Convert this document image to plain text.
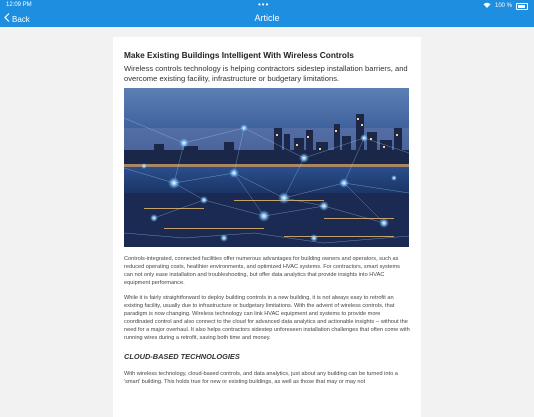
12:09 PM	•••	100 %
Back	Article
Make Existing Buildings Intelligent With Wireless Controls

Wireless controls technology is helping contractors sidestep installation barriers, and overcome existing facility, infrastructure or budgetary limitations.

Controls-integrated, connected facilities offer numerous advantages for building owners and operators, such as reduced operating costs, healthier environments, and optimized HVAC systems. For contractors, smart systems can not only ease installation and troubleshooting, but offer data analytics that provide insights into HVAC equipment performance.

While it is fairly straightforward to deploy building controls in a new building, it is not always easy to retrofit an existing facility, usually due to infrastructure or budgetary limitations. With the advent of wireless controls, that paradigm is now changing. Wireless technology can link HVAC equipment and systems to provide more coordinated control and also connect to the cloud for advanced data analytics and actionable insights -- without the need for a major overhaul. It also helps contractors sidestep unforeseen installation challenges that often come with running wires during a retrofit, saving both time and money.

CLOUD-BASED TECHNOLOGIES

With wireless technology, cloud-based controls, and data analytics, just about any building can be turned into a 'smart' building. This holds true for new or existing buildings, as well as those that may or may not
